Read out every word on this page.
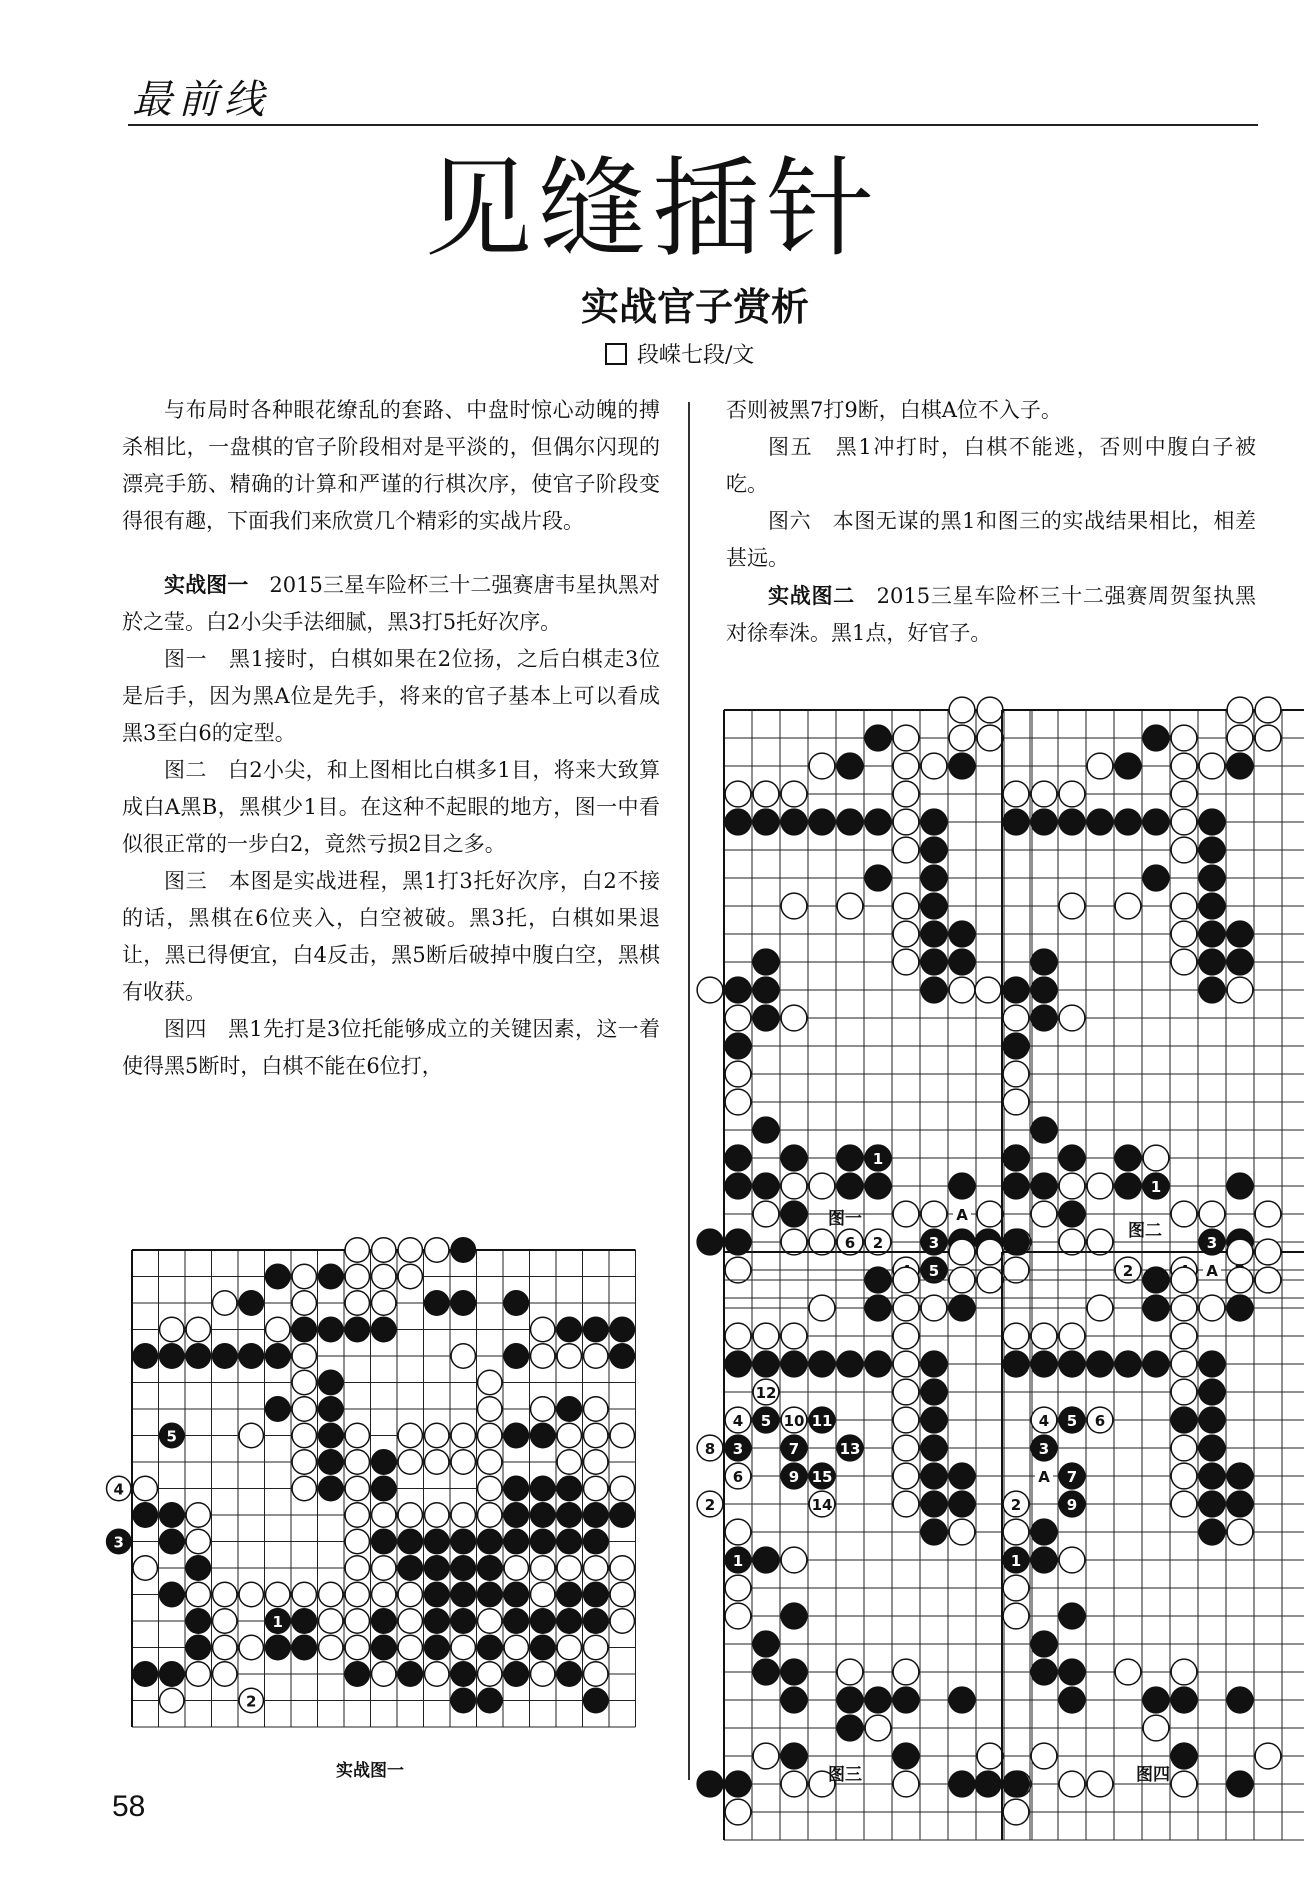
最前线
见缝插针
实战官子赏析
段嵘七段/文

与布局时各种眼花缭乱的套路、中盘时惊心动魄的搏杀相比，一盘棋的官子阶段相对是平淡的，但偶尔闪现的漂亮手筋、精确的计算和严谨的行棋次序，使官子阶段变得很有趣，下面我们来欣赏几个精彩的实战片段。

实战图一　 2015三星车险杯三十二强赛唐韦星执黑对於之莹。白2小尖手法细腻，黑3打5托好次序。

图一　黑1接时，白棋如果在2位扬，之后白棋走3位是后手，因为黑A位是先手，将来的官子基本上可以看成黑3至白6的定型。

图二　白2小尖，和上图相比白棋多1目，将来大致算成白A黑B，黑棋少1目。在这种不起眼的地方，图一中看似很正常的一步白2，竟然亏损2目之多。

图三　本图是实战进程，黑1打3托好次序，白2不接的话，黑棋在6位夹入，白空被破。黑3托，白棋如果退让，黑已得便宜，白4反击，黑5断后破掉中腹白空，黑棋有收获。

图四　黑1先打是3位托能够成立的关键因素，这一着使得黑5断时，白棋不能在6位打，

否则被黑7打9断，白棋A位不入子。

图五　黑1冲打时，白棋不能逃，否则中腹白子被吃。

图六　本图无谋的黑1和图三的实战结果相比，相差甚远。

实战图二　 2015三星车险杯三十二强赛周贺玺执黑对徐奉洙。黑1点，好官子。

1
2
3
4
5
1
2	3
5
6
A
1
2
3
A
1
2
3
4 5
6
7
8
9
10 11
12
13
14
15
1
2
3
4 5 6
7
9
A
实战图一
图一
图二
图三	图四
58
